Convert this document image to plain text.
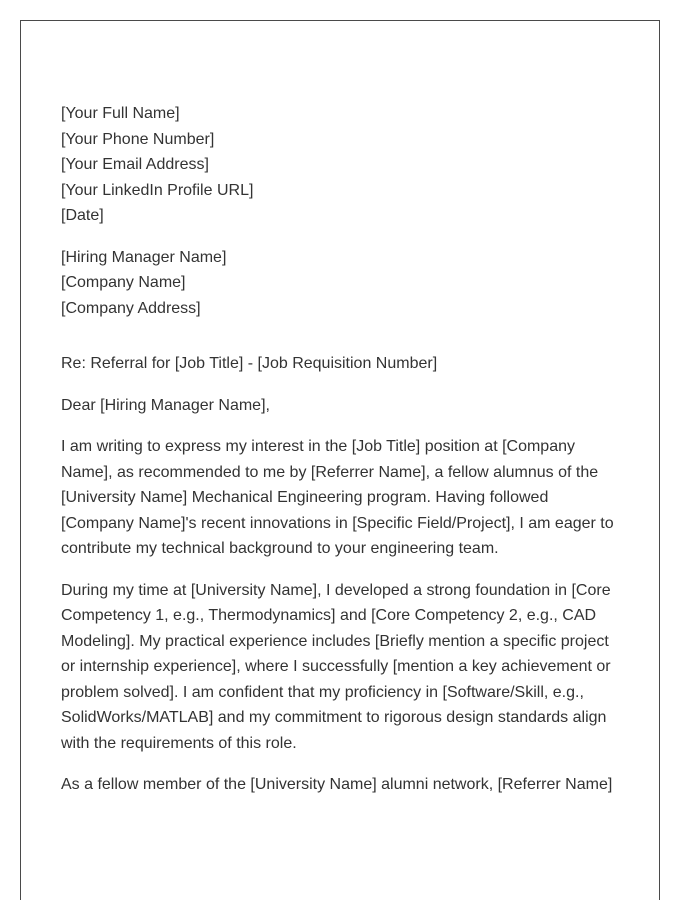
[Your Full Name]
[Your Phone Number]
[Your Email Address]
[Your LinkedIn Profile URL]
[Date]
[Hiring Manager Name]
[Company Name]
[Company Address]
Re: Referral for [Job Title] - [Job Requisition Number]
Dear [Hiring Manager Name],

I am writing to express my interest in the [Job Title] position at [Company
Name], as recommended to me by [Referrer Name], a fellow alumnus of the
[University Name] Mechanical Engineering program. Having followed
[Company Name]'s recent innovations in [Specific Field/Project], I am eager to
contribute my technical background to your engineering team.

During my time at [University Name], I developed a strong foundation in [Core
Competency 1, e.g., Thermodynamics] and [Core Competency 2, e.g., CAD
Modeling]. My practical experience includes [Briefly mention a specific project
or internship experience], where I successfully [mention a key achievement or
problem solved]. I am confident that my proficiency in [Software/Skill, e.g.,
SolidWorks/MATLAB] and my commitment to rigorous design standards align
with the requirements of this role.

As a fellow member of the [University Name] alumni network, [Referrer Name]
